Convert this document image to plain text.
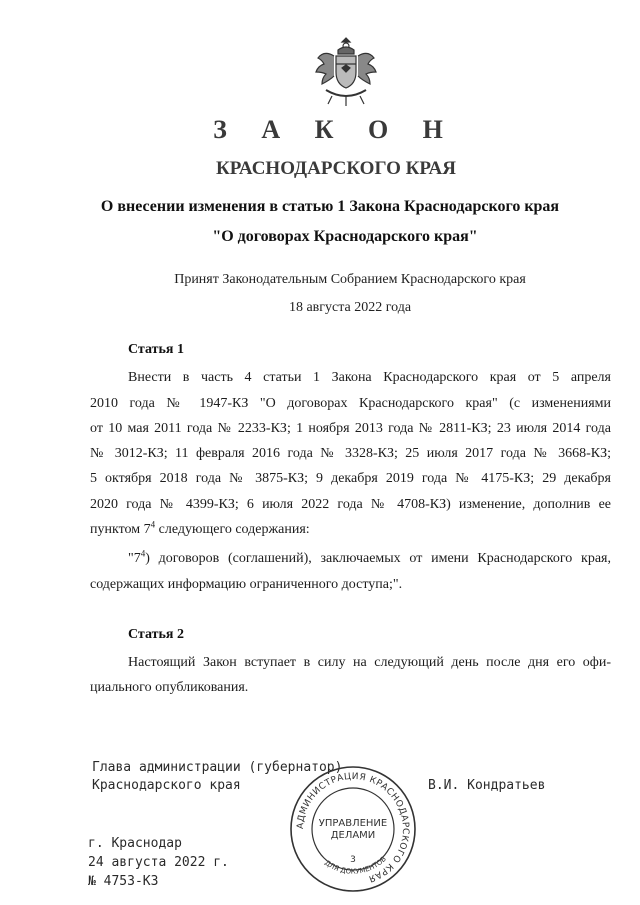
З А К О Н
КРАСНОДАРСКОГО КРАЯ
О внесении изменения в статью 1 Закона Краснодарского края
"О договорах Краснодарского края"
Принят Законодательным Собранием Краснодарского края
18 августа 2022 года
Статья 1
Внести в часть 4 статьи 1 Закона Краснодарского края от 5 апреля
2010 года № 1947-КЗ "О договорах Краснодарского края" (с изменениями
от 10 мая 2011 года № 2233-КЗ; 1 ноября 2013 года № 2811-КЗ; 23 июля 2014 года
№ 3012-КЗ; 11 февраля 2016 года № 3328-КЗ; 25 июля 2017 года № 3668-КЗ;
5 октября 2018 года № 3875-КЗ; 9 декабря 2019 года № 4175-КЗ; 29 декабря
2020 года № 4399-КЗ; 6 июля 2022 года № 4708-КЗ) изменение, дополнив ее
пунктом $7^4$ следующего содержания:
"$7^4$) договоров (соглашений), заключаемых от имени Краснодарского края,
содержащих информацию ограниченного доступа;".
Статья 2
Настоящий Закон вступает в силу на следующий день после дня его офи-
циального опубликования.
Глава администрации (губернатор)
Краснодарского края	В.И. Кондратьев
г. Краснодар
24 августа 2022 г.
№ 4753-КЗ
АДМИНИСТРАЦИЯ КРАСНОДАРСКОГО КРАЯ
ДЛЯ ДОКУМЕНТОВ
УПРАВЛЕНИЕ
ДЕЛАМИ
3
